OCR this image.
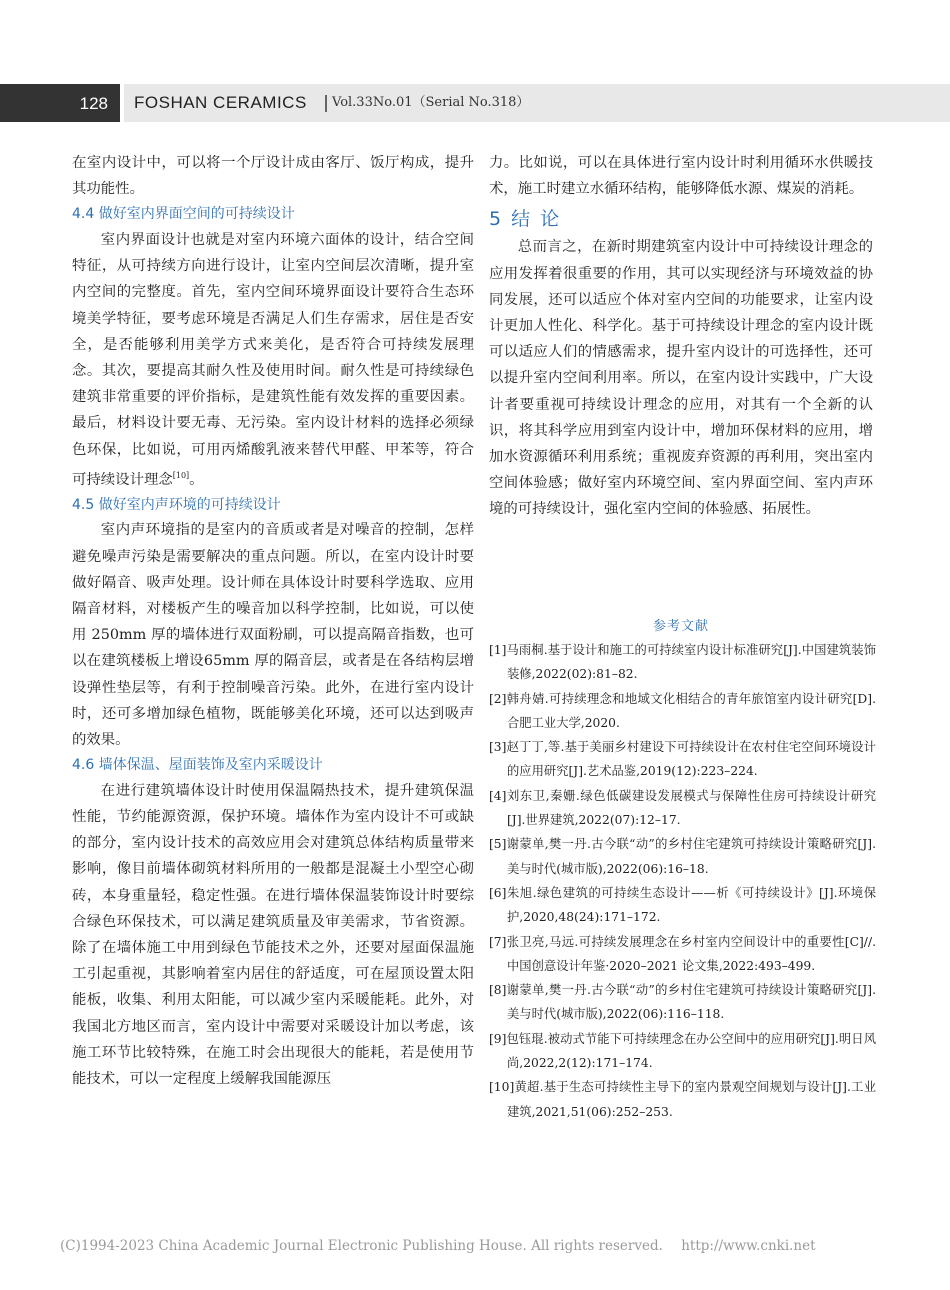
128	FOSHAN CERAMICS Vol.33No.01（Serial No.318）

在室内设计中，可以将一个厅设计成由客厅、饭厅构成，提升其功能性。

4.4 做好室内界面空间的可持续设计

室内界面设计也就是对室内环境六面体的设计，结合空间特征，从可持续方向进行设计，让室内空间层次清晰，提升室内空间的完整度。首先，室内空间环境界面设计要符合生态环境美学特征，要考虑环境是否满足人们生存需求，居住是否安全，是否能够利用美学方式来美化，是否符合可持续发展理念。其次，要提高其耐久性及使用时间。耐久性是可持续绿色建筑非常重要的评价指标，是建筑性能有效发挥的重要因素。最后，材料设计要无毒、无污染。室内设计材料的选择必须绿色环保，比如说，可用丙烯酸乳液来替代甲醛、甲苯等，符合可持续设计理念[10]。

4.5 做好室内声环境的可持续设计

室内声环境指的是室内的音质或者是对噪音的控制，怎样避免噪声污染是需要解决的重点问题。所以，在室内设计时要做好隔音、吸声处理。设计师在具体设计时要科学选取、应用隔音材料，对楼板产生的噪音加以科学控制，比如说，可以使用 250mm 厚的墙体进行双面粉刷，可以提高隔音指数，也可以在建筑楼板上增设65mm 厚的隔音层，或者是在各结构层增设弹性垫层等，有利于控制噪音污染。此外，在进行室内设计时，还可多增加绿色植物，既能够美化环境，还可以达到吸声的效果。

4.6 墙体保温、屋面装饰及室内采暖设计

在进行建筑墙体设计时使用保温隔热技术，提升建筑保温性能，节约能源资源，保护环境。墙体作为室内设计不可或缺的部分，室内设计技术的高效应用会对建筑总体结构质量带来影响，像目前墙体砌筑材料所用的一般都是混凝土小型空心砌砖，本身重量轻，稳定性强。在进行墙体保温装饰设计时要综合绿色环保技术，可以满足建筑质量及审美需求，节省资源。除了在墙体施工中用到绿色节能技术之外，还要对屋面保温施工引起重视，其影响着室内居住的舒适度，可在屋顶设置太阳能板，收集、利用太阳能，可以减少室内采暖能耗。此外，对我国北方地区而言，室内设计中需要对采暖设计加以考虑，该施工环节比较特殊，在施工时会出现很大的能耗，若是使用节能技术，可以一定程度上缓解我国能源压

力。比如说，可以在具体进行室内设计时利用循环水供暖技术，施工时建立水循环结构，能够降低水源、煤炭的消耗。

5 结 论

总而言之，在新时期建筑室内设计中可持续设计理念的应用发挥着很重要的作用，其可以实现经济与环境效益的协同发展，还可以适应个体对室内空间的功能要求，让室内设计更加人性化、科学化。基于可持续设计理念的室内设计既可以适应人们的情感需求，提升室内设计的可选择性，还可以提升室内空间利用率。所以，在室内设计实践中，广大设计者要重视可持续设计理念的应用，对其有一个全新的认识，将其科学应用到室内设计中，增加环保材料的应用，增加水资源循环利用系统；重视废弃资源的再利用，突出室内空间体验感；做好室内环境空间、室内界面空间、室内声环境的可持续设计，强化室内空间的体验感、拓展性。

参考文献

[1]马雨桐.基于设计和施工的可持续室内设计标准研究[J].中国建筑装饰装修,2022(02):81–82.

[2]韩舟婧.可持续理念和地域文化相结合的青年旅馆室内设计研究[D].合肥工业大学,2020.

[3]赵丁丁,等.基于美丽乡村建设下可持续设计在农村住宅空间环境设计的应用研究[J].艺术品鉴,2019(12):223–224.

[4]刘东卫,秦姗.绿色低碳建设发展模式与保障性住房可持续设计研究[J].世界建筑,2022(07):12–17.

[5]谢蒙单,樊一丹.古今联“动”的乡村住宅建筑可持续设计策略研究[J].美与时代(城市版),2022(06):16–18.

[6]朱旭.绿色建筑的可持续生态设计——析《可持续设计》[J].环境保护,2020,48(24):171–172.

[7]张卫亮,马远.可持续发展理念在乡村室内空间设计中的重要性[C]//.中国创意设计年鉴·2020–2021 论文集,2022:493–499.

[8]谢蒙单,樊一丹.古今联“动”的乡村住宅建筑可持续设计策略研究[J].美与时代(城市版),2022(06):116–118.

[9]包钰琨.被动式节能下可持续理念在办公空间中的应用研究[J].明日风尚,2022,2(12):171–174.

[10]黄超.基于生态可持续性主导下的室内景观空间规划与设计[J].工业建筑,2021,51(06):252–253.

(C)1994-2023 China Academic Journal Electronic Publishing House. All rights reserved. http://www.cnki.net
